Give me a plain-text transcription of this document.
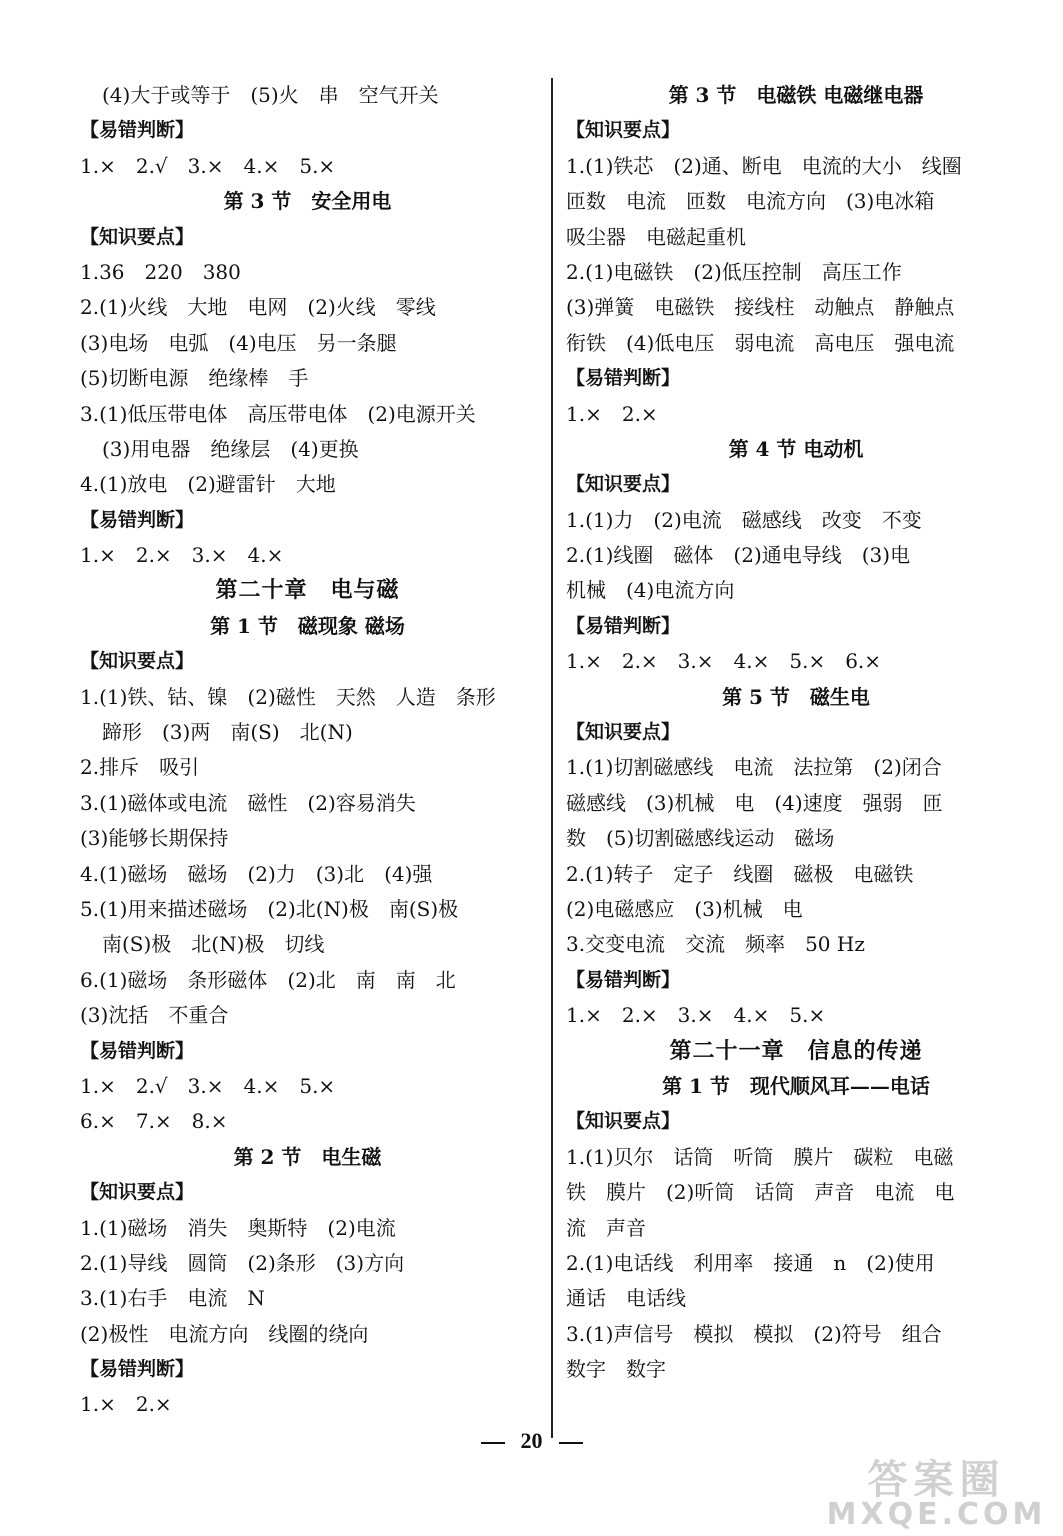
(4)大于或等于　(5)火　串　空气开关
【易错判断】
1.×　2.√　3.×　4.×　5.×
第 3 节　安全用电
【知识要点】
1.36　220　380
2.(1)火线　大地　电网　(2)火线　零线
(3)电场　电弧　(4)电压　另一条腿
(5)切断电源　绝缘棒　手
3.(1)低压带电体　高压带电体　(2)电源开关
(3)用电器　绝缘层　(4)更换
4.(1)放电　(2)避雷针　大地
【易错判断】
1.×　2.×　3.×　4.×
第二十章　电与磁
第 1 节　磁现象 磁场
【知识要点】
1.(1)铁、钴、镍　(2)磁性　天然　人造　条形
蹄形　(3)两　南(S)　北(N)
2.排斥　吸引
3.(1)磁体或电流　磁性　(2)容易消失
(3)能够长期保持
4.(1)磁场　磁场　(2)力　(3)北　(4)强
5.(1)用来描述磁场　(2)北(N)极　南(S)极
南(S)极　北(N)极　切线
6.(1)磁场　条形磁体　(2)北　南　南　北
(3)沈括　不重合
【易错判断】
1.×　2.√　3.×　4.×　5.×
6.×　7.×　8.×
第 2 节　电生磁
【知识要点】
1.(1)磁场　消失　奥斯特　(2)电流
2.(1)导线　圆筒　(2)条形　(3)方向
3.(1)右手　电流　N
(2)极性　电流方向　线圈的绕向
【易错判断】
1.×　2.×
第 3 节　电磁铁 电磁继电器
【知识要点】
1.(1)铁芯　(2)通、断电　电流的大小　线圈
匝数　电流　匝数　电流方向　(3)电冰箱
吸尘器　电磁起重机
2.(1)电磁铁　(2)低压控制　高压工作
(3)弹簧　电磁铁　接线柱　动触点　静触点
衔铁　(4)低电压　弱电流　高电压　强电流
【易错判断】
1.×　2.×
第 4 节 电动机
【知识要点】
1.(1)力　(2)电流　磁感线　改变　不变
2.(1)线圈　磁体　(2)通电导线　(3)电
机械　(4)电流方向
【易错判断】
1.×　2.×　3.×　4.×　5.×　6.×
第 5 节　磁生电
【知识要点】
1.(1)切割磁感线　电流　法拉第　(2)闭合
磁感线　(3)机械　电　(4)速度　强弱　匝
数　(5)切割磁感线运动　磁场
2.(1)转子　定子　线圈　磁极　电磁铁
(2)电磁感应　(3)机械　电
3.交变电流　交流　频率　50 Hz
【易错判断】
1.×　2.×　3.×　4.×　5.×
第二十一章　信息的传递
第 1 节　现代顺风耳——电话
【知识要点】
1.(1)贝尔　话筒　听筒　膜片　碳粒　电磁
铁　膜片　(2)听筒　话筒　声音　电流　电
流　声音
2.(1)电话线　利用率　接通　n　(2)使用
通话　电话线
3.(1)声信号　模拟　模拟　(2)符号　组合
数字　数字
20
答案圈
MXQE.COM
